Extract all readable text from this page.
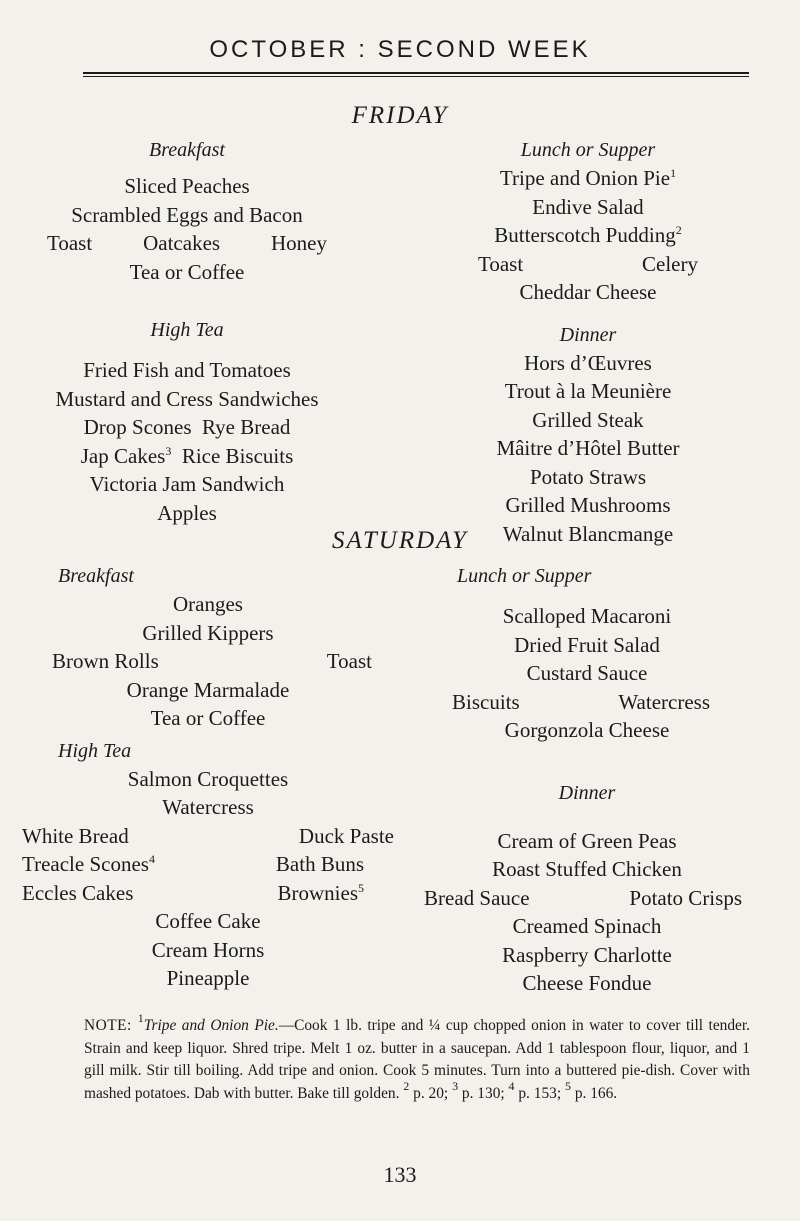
OCTOBER : SECOND WEEK
FRIDAY
Breakfast
Sliced Peaches
Scrambled Eggs and Bacon
Toast Oatcakes Honey
Tea or Coffee
High Tea
Fried Fish and Tomatoes
Mustard and Cress Sandwiches
Drop Scones  Rye Bread
Jap Cakes$^3$  Rice Biscuits
Victoria Jam Sandwich
Apples
Lunch or Supper
Tripe and Onion Pie$^1$
Endive Salad
Butterscotch Pudding$^2$
Toast	Celery
Cheddar Cheese
Dinner
Hors d’Œuvres
Trout à la Meunière
Grilled Steak
Mâitre d’Hôtel Butter
Potato Straws
Grilled Mushrooms
Walnut Blancmange
SATURDAY
Breakfast
Oranges
Grilled Kippers
Brown Rolls	Toast
Orange Marmalade
Tea or Coffee
High Tea
Salmon Croquettes
Watercress
White Bread	Duck Paste
Treacle Scones$^4$	Bath Buns
Eccles Cakes	Brownies$^5$
Coffee Cake
Cream Horns
Pineapple
Lunch or Supper
Scalloped Macaroni
Dried Fruit Salad
Custard Sauce
Biscuits	Watercress
Gorgonzola Cheese
Dinner
Cream of Green Peas
Roast Stuffed Chicken
Bread Sauce	Potato Crisps
Creamed Spinach
Raspberry Charlotte
Cheese Fondue
NOTE: $^1$Tripe and Onion Pie.—Cook 1 lb. tripe and ¼ cup chopped onion in water to cover till tender. Strain and keep liquor. Shred tripe. Melt 1 oz. butter in a saucepan. Add 1 tablespoon flour, liquor, and 1 gill milk. Stir till boiling. Add tripe and onion. Cook 5 minutes. Turn into a buttered pie-dish. Cover with mashed potatoes. Dab with butter. Bake till golden. $^2$ p. 20; $^3$ p. 130; $^4$ p. 153; $^5$ p. 166.
133
